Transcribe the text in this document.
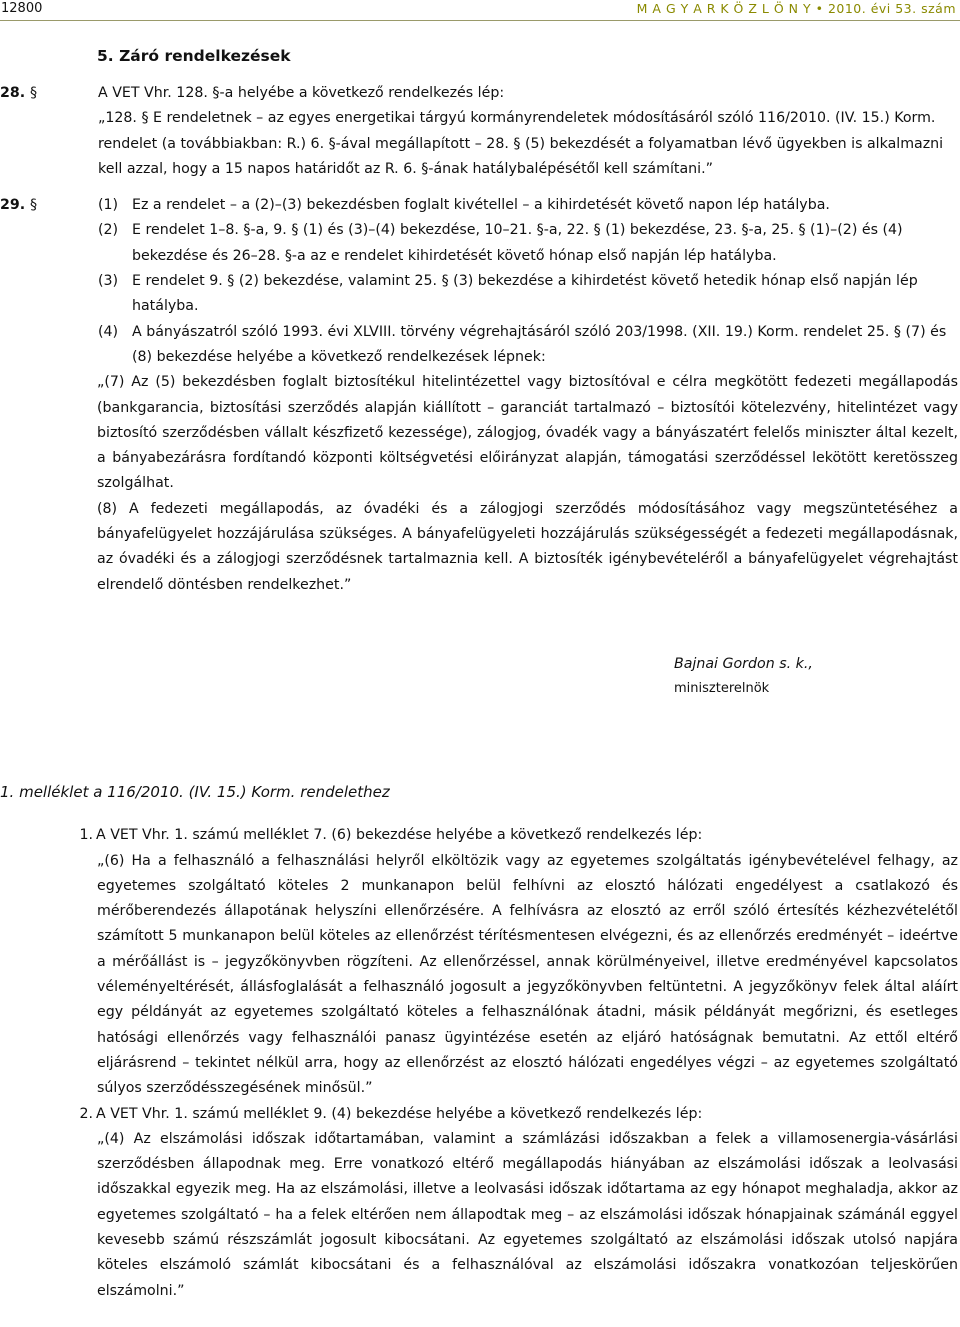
12800	M A G Y A R K Ö Z L Ö N Y • 2010. évi 53. szám
5. Záró rendelkezések
28. §	A VET Vhr. 128. §-a helyébe a következő rendelkezés lép:
„128. § E rendeletnek – az egyes energetikai tárgyú kormányrendeletek módosításáról szóló 116/2010. (IV. 15.) Korm. rendelet (a továbbiakban: R.) 6. §-ával megállapított – 28. § (5) bekezdését a folyamatban lévő ügyekben is alkalmazni kell azzal, hogy a 15 napos határidőt az R. 6. §-ának hatálybalépésétől kell számítani.”
29. §	(1) Ez a rendelet – a (2)–(3) bekezdésben foglalt kivétellel – a kihirdetését követő napon lép hatályba.
(2) E rendelet 1–8. §-a, 9. § (1) és (3)–(4) bekezdése, 10–21. §-a, 22. § (1) bekezdése, 23. §-a, 25. § (1)–(2) és (4) bekezdése és 26–28. §-a az e rendelet kihirdetését követő hónap első napján lép hatályba.
(3) E rendelet 9. § (2) bekezdése, valamint 25. § (3) bekezdése a kihirdetést követő hetedik hónap első napján lép hatályba.
(4) A bányászatról szóló 1993. évi XLVIII. törvény végrehajtásáról szóló 203/1998. (XII. 19.) Korm. rendelet 25. § (7) és (8) bekezdése helyébe a következő rendelkezések lépnek:
„(7) Az (5) bekezdésben foglalt biztosítékul hitelintézettel vagy biztosítóval e célra megkötött fedezeti megállapodás (bankgarancia, biztosítási szerződés alapján kiállított – garanciát tartalmazó – biztosítói kötelezvény, hitelintézet vagy biztosító szerződésben vállalt készfizető kezessége), zálogjog, óvadék vagy a bányászatért felelős miniszter által kezelt, a bányabezárásra fordítandó központi költségvetési előirányzat alapján, támogatási szerződéssel lekötött keretösszeg szolgálhat.
(8) A fedezeti megállapodás, az óvadéki és a zálogjogi szerződés módosításához vagy megszüntetéséhez a bányafelügyelet hozzájárulása szükséges. A bányafelügyeleti hozzájárulás szükségességét a fedezeti megállapodásnak, az óvadéki és a zálogjogi szerződésnek tartalmaznia kell. A biztosíték igénybevételéről a bányafelügyelet végrehajtást elrendelő döntésben rendelkezhet.”
Bajnai Gordon s. k.,
miniszterelnök
1. melléklet a 116/2010. (IV. 15.) Korm. rendelethez
1. A VET Vhr. 1. számú melléklet 7. (6) bekezdése helyébe a következő rendelkezés lép:
„(6) Ha a felhasználó a felhasználási helyről elköltözik vagy az egyetemes szolgáltatás igénybevételével felhagy, az egyetemes szolgáltató köteles 2 munkanapon belül felhívni az elosztó hálózati engedélyest a csatlakozó és mérőberendezés állapotának helyszíni ellenőrzésére. A felhívásra az elosztó az erről szóló értesítés kézhezvételétől számított 5 munkanapon belül köteles az ellenőrzést térítésmentesen elvégezni, és az ellenőrzés eredményét – ideértve a mérőállást is – jegyzőkönyvben rögzíteni. Az ellenőrzéssel, annak körülményeivel, illetve eredményével kapcsolatos véleményeltérését, állásfoglalását a felhasználó jogosult a jegyzőkönyvben feltüntetni. A jegyzőkönyv felek által aláírt egy példányát az egyetemes szolgáltató köteles a felhasználónak átadni, másik példányát megőrizni, és esetleges hatósági ellenőrzés vagy felhasználói panasz ügyintézése esetén az eljáró hatóságnak bemutatni. Az ettől eltérő eljárásrend – tekintet nélkül arra, hogy az ellenőrzést az elosztó hálózati engedélyes végzi – az egyetemes szolgáltató súlyos szerződésszegésének minősül.”
2. A VET Vhr. 1. számú melléklet 9. (4) bekezdése helyébe a következő rendelkezés lép:
„(4) Az elszámolási időszak időtartamában, valamint a számlázási időszakban a felek a villamosenergia-vásárlási szerződésben állapodnak meg. Erre vonatkozó eltérő megállapodás hiányában az elszámolási időszak a leolvasási időszakkal egyezik meg. Ha az elszámolási, illetve a leolvasási időszak időtartama az egy hónapot meghaladja, akkor az egyetemes szolgáltató – ha a felek eltérően nem állapodtak meg – az elszámolási időszak hónapjainak számánál eggyel kevesebb számú részszámlát jogosult kibocsátani. Az egyetemes szolgáltató az elszámolási időszak utolsó napjára köteles elszámoló számlát kibocsátani és a felhasználóval az elszámolási időszakra vonatkozóan teljeskörűen elszámolni.”
